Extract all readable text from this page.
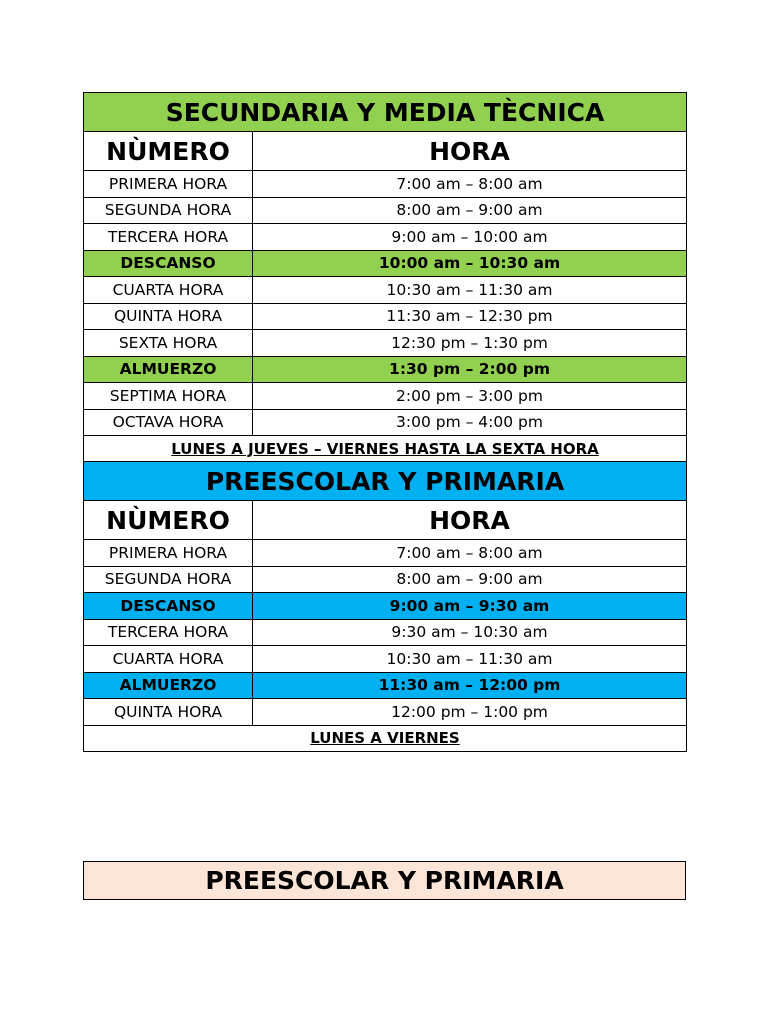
SECUNDARIA Y MEDIA TÈCNICA	
NÙMERO	HORA
PRIMERA HORA	7:00 am – 8:00 am
SEGUNDA HORA	8:00 am – 9:00 am
TERCERA HORA	9:00 am – 10:00 am
DESCANSO	10:00 am – 10:30 am
CUARTA HORA	10:30 am – 11:30 am
QUINTA HORA	11:30 am – 12:30 pm
SEXTA HORA	12:30 pm – 1:30 pm
ALMUERZO	1:30 pm – 2:00 pm
SEPTIMA HORA	2:00 pm – 3:00 pm
OCTAVA HORA	3:00 pm – 4:00 pm
LUNES A JUEVES – VIERNES HASTA LA SEXTA HORA	
PREESCOLAR Y PRIMARIA	
NÙMERO	HORA
PRIMERA HORA	7:00 am – 8:00 am
SEGUNDA HORA	8:00 am – 9:00 am
DESCANSO	9:00 am – 9:30 am
TERCERA HORA	9:30 am – 10:30 am
CUARTA HORA	10:30 am – 11:30 am
ALMUERZO	11:30 am – 12:00 pm
QUINTA HORA	12:00 pm – 1:00 pm
LUNES A VIERNES	
PREESCOLAR Y PRIMARIA
